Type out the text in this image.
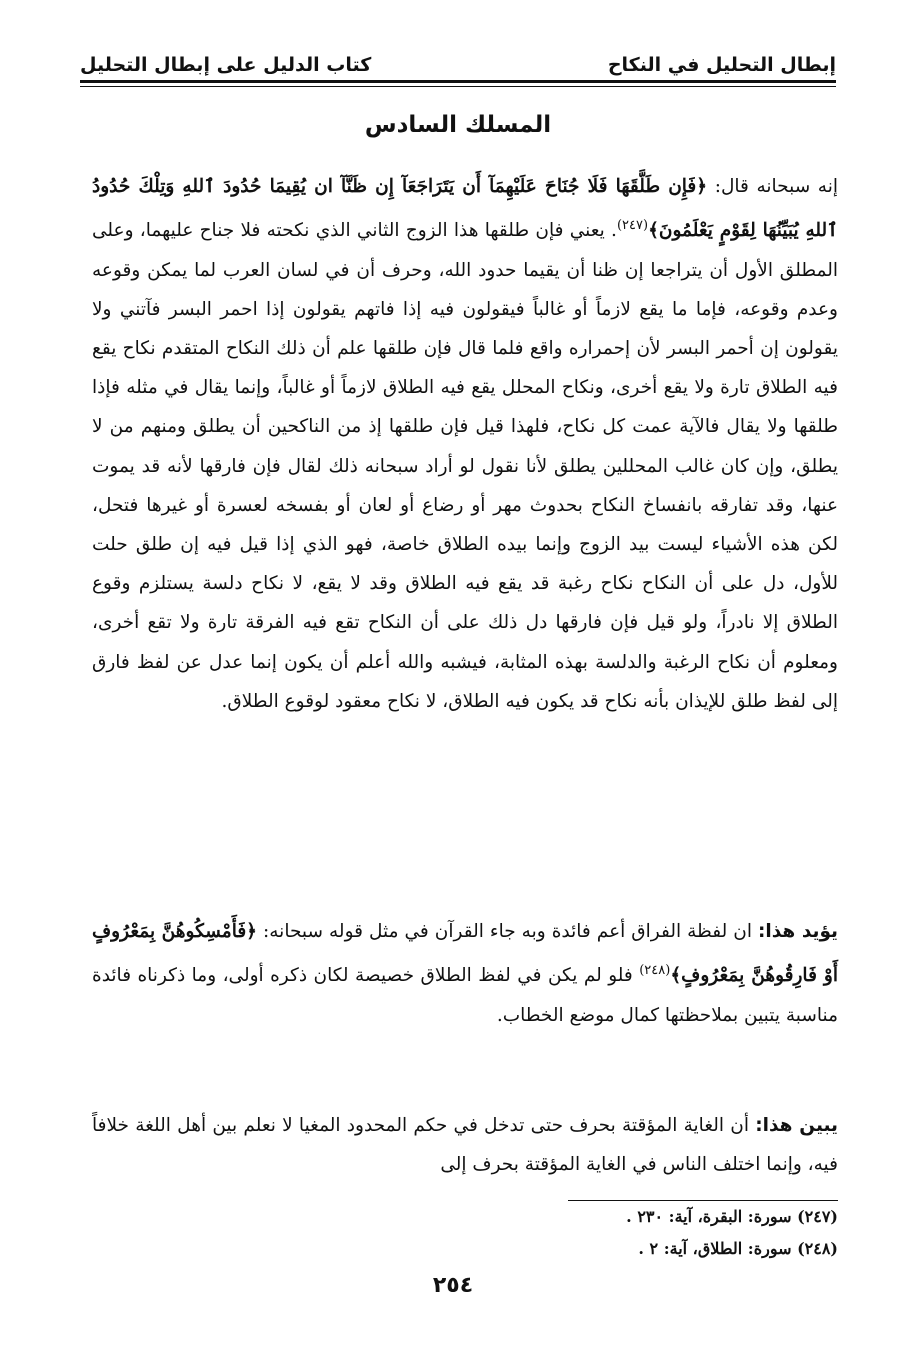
إبطال التحليل في النكاح
كتاب الدليل على إبطال التحليل
المسلك السادس
إنه سبحانه قال: ﴿فَإِن طَلَّقَهَا فَلَا جُنَاحَ عَلَيْهِمَآ أَن يَتَرَاجَعَآ إِن ظَنَّآ ان يُقِيمَا حُدُودَ ٱللهِ وَتِلْكَ حُدُودُ ٱللهِ يُبَيِّنُهَا لِقَوْمٍ يَعْلَمُونَ﴾$^{(٢٤٧)}$. يعني فإن طلقها هذا الزوج الثاني الذي نكحته فلا جناح عليهما، وعلى المطلق الأول أن يتراجعا إن ظنا أن يقيما حدود الله، وحرف أن في لسان العرب لما يمكن وقوعه وعدم وقوعه، فإما ما يقع لازماً أو غالباً فيقولون فيه إذا فاتهم يقولون إذا احمر البسر فآتني ولا يقولون إن أحمر البسر لأن إحمراره واقع فلما قال فإن طلقها علم أن ذلك النكاح المتقدم نكاح يقع فيه الطلاق تارة ولا يقع أخرى، ونكاح المحلل يقع فيه الطلاق لازماً أو غالباً، وإنما يقال في مثله فإذا طلقها ولا يقال فالآية عمت كل نكاح، فلهذا قيل فإن طلقها إذ من الناكحين أن يطلق ومنهم من لا يطلق، وإن كان غالب المحللين يطلق لأنا نقول لو أراد سبحانه ذلك لقال فإن فارقها لأنه قد يموت عنها، وقد تفارقه بانفساخ النكاح بحدوث مهر أو رضاع أو لعان أو بفسخه لعسرة أو غيرها فتحل، لكن هذه الأشياء ليست بيد الزوج وإنما بيده الطلاق خاصة، فهو الذي إذا قيل فيه إن طلق حلت للأول، دل على أن النكاح نكاح رغبة قد يقع فيه الطلاق وقد لا يقع، لا نكاح دلسة يستلزم وقوع الطلاق إلا نادراً، ولو قيل فإن فارقها دل ذلك على أن النكاح تقع فيه الفرقة تارة ولا تقع أخرى، ومعلوم أن نكاح الرغبة والدلسة بهذه المثابة، فيشبه والله أعلم أن يكون إنما عدل عن لفظ فارق إلى لفظ طلق للإيذان بأنه نكاح قد يكون فيه الطلاق، لا نكاح معقود لوقوع الطلاق.
يؤيد هذا: ان لفظة الفراق أعم فائدة وبه جاء القرآن في مثل قوله سبحانه: ﴿فَأَمْسِكُوهُنَّ بِمَعْرُوفٍ أَوْ فَارِقُوهُنَّ بِمَعْرُوفٍ﴾$^{(٢٤٨)}$ فلو لم يكن في لفظ الطلاق خصيصة لكان ذكره أولى، وما ذكرناه فائدة مناسبة يتبين بملاحظتها كمال موضع الخطاب.
يبين هذا: أن الغاية المؤقتة بحرف حتى تدخل في حكم المحدود المغيا لا نعلم بين أهل اللغة خلافاً فيه، وإنما اختلف الناس في الغاية المؤقتة بحرف إلى
(٢٤٧) سورة: البقرة، آية: ٢٣٠ .
(٢٤٨) سورة: الطلاق، آية: ٢ .
٢٥٤
